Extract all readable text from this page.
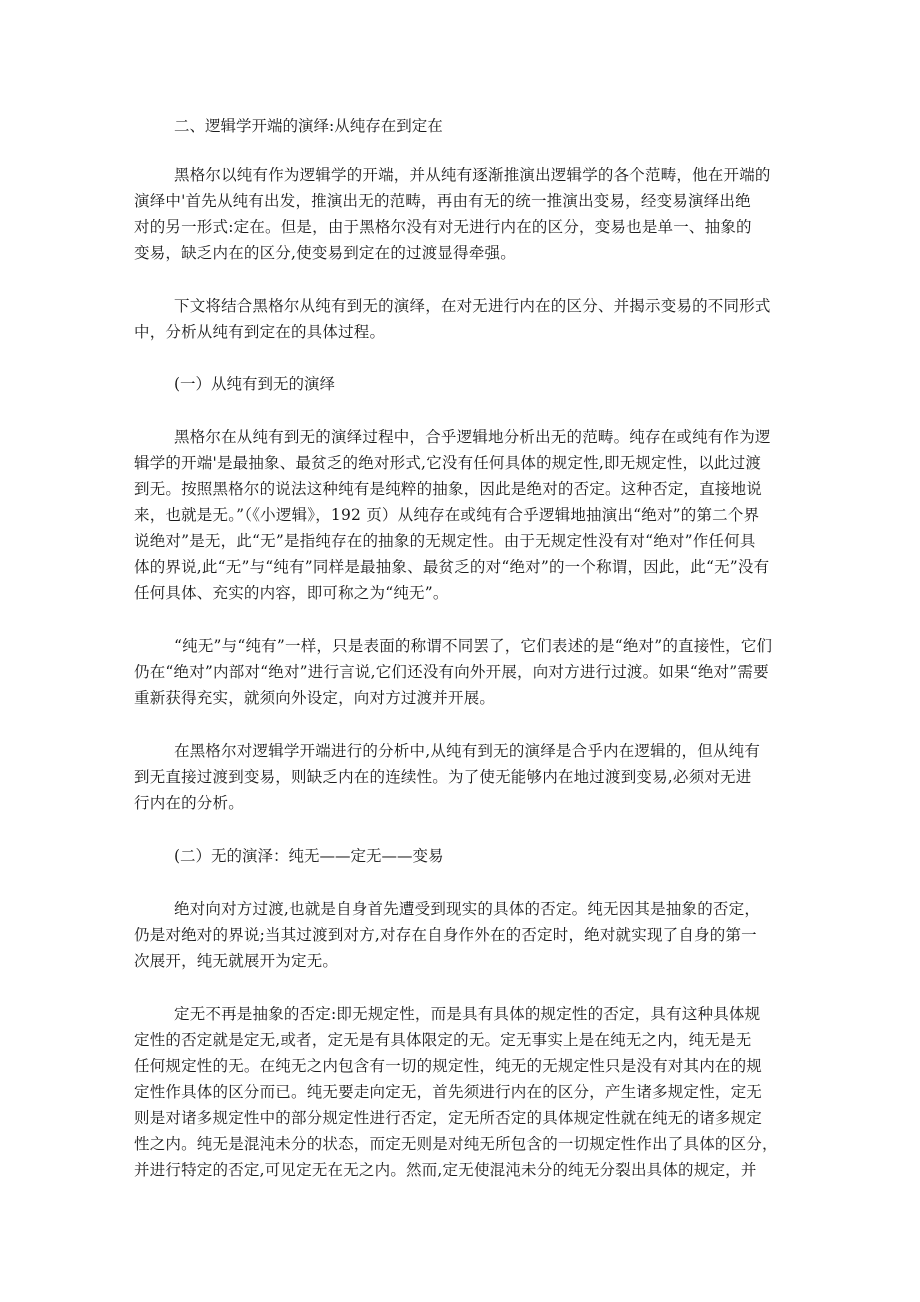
二、逻辑学开端的演绎:从纯存在到定在
黑格尔以纯有作为逻辑学的开端，并从纯有逐渐推演出逻辑学的各个范畴，他在开端的
演绎中'首先从纯有出发，推演出无的范畴，再由有无的统一推演出变易，经变易演绎出绝
对的另一形式:定在。但是，由于黑格尔没有对无进行内在的区分，变易也是单一、抽象的
变易，缺乏内在的区分,使变易到定在的过渡显得牵强。
下文将结合黑格尔从纯有到无的演绎，在对无进行内在的区分、并揭示变易的不同形式
中，分析从纯有到定在的具体过程。
(一）从纯有到无的演绎
黑格尔在从纯有到无的演绎过程中，合乎逻辑地分析出无的范畴。纯存在或纯有作为逻
辑学的开端'是最抽象、最贫乏的绝对形式,它没有任何具体的规定性,即无规定性，以此过渡
到无。按照黑格尔的说法这种纯有是纯粹的抽象，因此是绝对的否定。这种否定，直接地说
来，也就是无。”（《小逻辑》，192 页）从纯存在或纯有合乎逻辑地抽演出“绝对”的第二个界
说绝对”是无，此“无”是指纯存在的抽象的无规定性。由于无规定性没有对“绝对”作任何具
体的界说,此“无”与“纯有”同样是最抽象、最贫乏的对“绝对”的一个称谓，因此，此“无”没有
任何具体、充实的内容，即可称之为“纯无”。
“纯无”与“纯有”一样，只是表面的称谓不同罢了，它们表述的是“绝对”的直接性，它们
仍在“绝对”内部对“绝对”进行言说,它们还没有向外开展，向对方进行过渡。如果“绝对”需要
重新获得充实，就须向外设定，向对方过渡并开展。
在黑格尔对逻辑学开端进行的分析中,从纯有到无的演绎是合乎内在逻辑的，但从纯有
到无直接过渡到变易，则缺乏内在的连续性。为了使无能够内在地过渡到变易,必须对无进
行内在的分析。
(二）无的演泽：纯无——定无——变易
绝对向对方过渡,也就是自身首先遭受到现实的具体的否定。纯无因其是抽象的否定，
仍是对绝对的界说;当其过渡到对方,对存在自身作外在的否定时，绝对就实现了自身的第一
次展开，纯无就展开为定无。
定无不再是抽象的否定:即无规定性，而是具有具体的规定性的否定，具有这种具体规
定性的否定就是定无,或者，定无是有具体限定的无。定无事实上是在纯无之内，纯无是无
任何规定性的无。在纯无之内包含有一切的规定性，纯无的无规定性只是没有对其内在的规
定性作具体的区分而已。纯无要走向定无，首先须进行内在的区分，产生诸多规定性，定无
则是对诸多规定性中的部分规定性进行否定，定无所否定的具体规定性就在纯无的诸多规定
性之内。纯无是混沌未分的状态，而定无则是对纯无所包含的一切规定性作出了具体的区分，
并进行特定的否定,可见定无在无之内。然而,定无使混沌未分的纯无分裂出具体的规定，并
